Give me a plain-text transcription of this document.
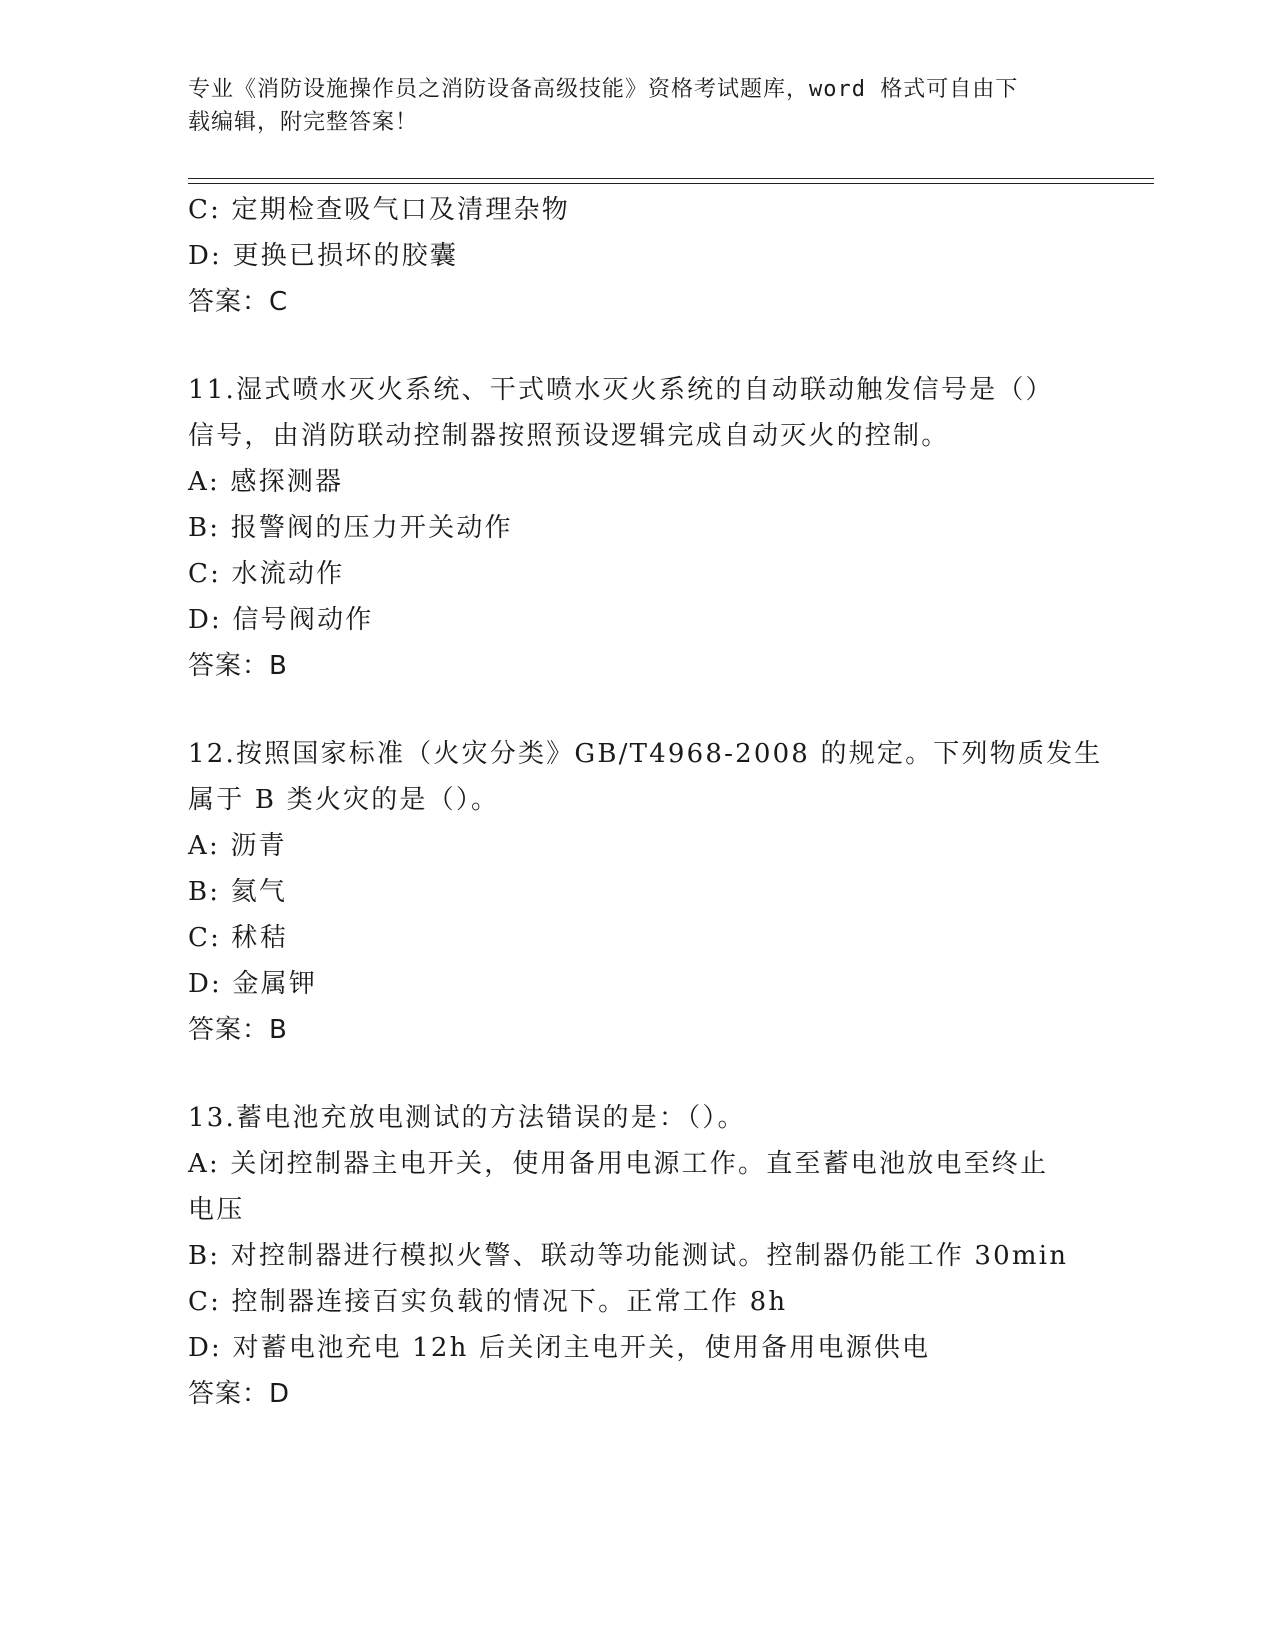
专业《消防设施操作员之消防设备高级技能》资格考试题库，word 格式可自由下
载编辑，附完整答案！
C: 定期检查吸气口及清理杂物
D: 更换已损坏的胶囊
答案：C
11.湿式喷水灭火系统、干式喷水灭火系统的自动联动触发信号是（）
信号，由消防联动控制器按照预设逻辑完成自动灭火的控制。
A: 感探测器
B: 报警阀的压力开关动作
C: 水流动作
D: 信号阀动作
答案：B
12.按照国家标准（火灾分类》GB/T4968-2008 的规定。下列物质发生
属于 B 类火灾的是（）。
A: 沥青
B: 氦气
C: 秫秸
D: 金属钾
答案：B
13.蓄电池充放电测试的方法错误的是：（）。
A: 关闭控制器主电开关，使用备用电源工作。直至蓄电池放电至终止
电压
B: 对控制器进行模拟火警、联动等功能测试。控制器仍能工作 30min
C: 控制器连接百实负载的情况下。正常工作 8h
D: 对蓄电池充电 12h 后关闭主电开关，使用备用电源供电
答案：D
